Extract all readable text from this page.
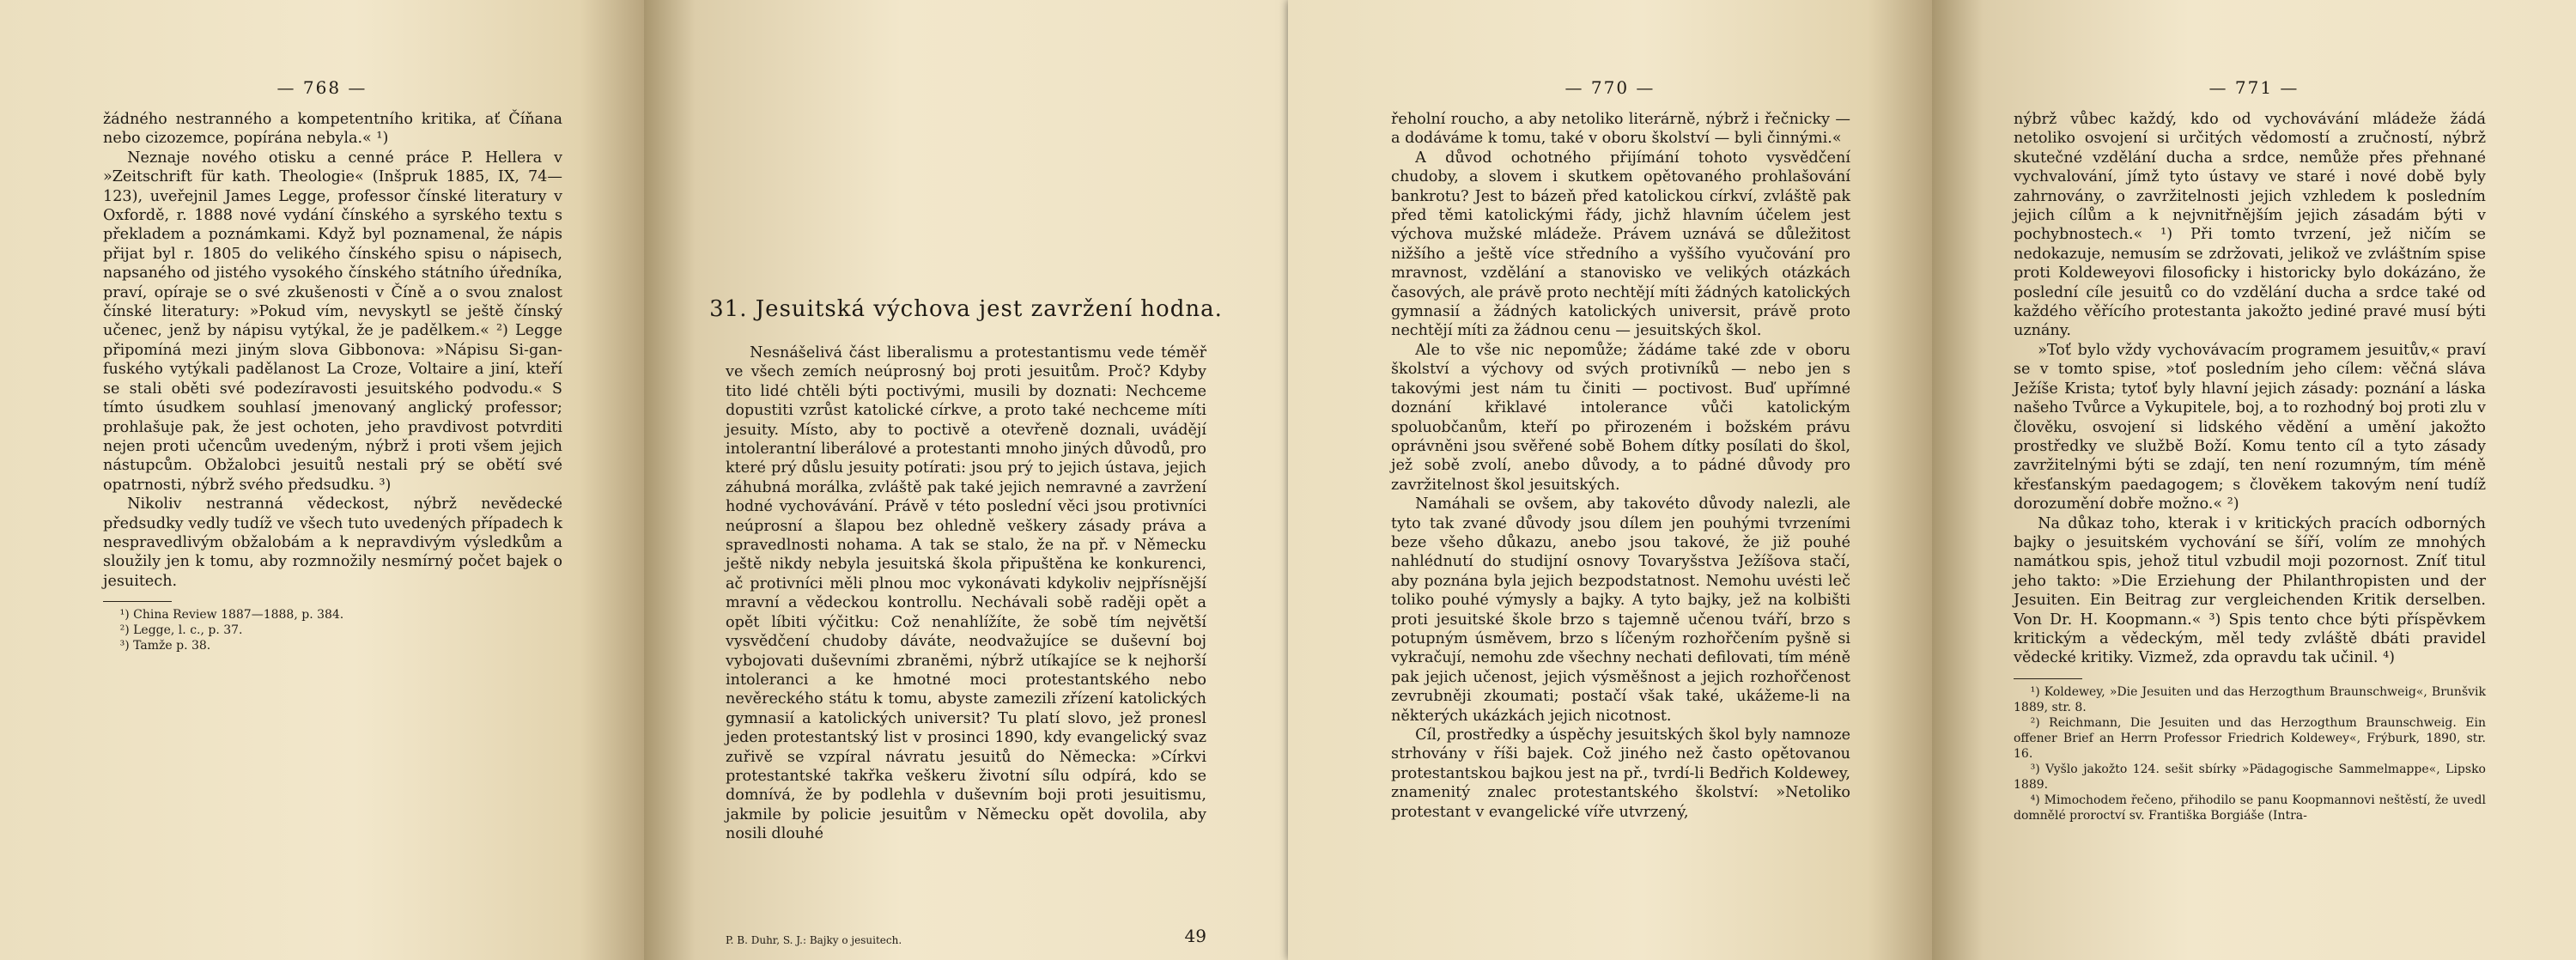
— 768 —

žádného nestranného a kompetentního kritika, ať Číňana nebo cizozemce, popírána nebyla.« ¹)

Neznaje nového otisku a cenné práce P. Hellera v »Zeitschrift für kath. Theologie« (Inšpruk 1885, IX, 74—123), uveřejnil James Legge, professor čínské literatury v Oxfordě, r. 1888 nové vydání čínského a syrského textu s překladem a poznámkami. Když byl poznamenal, že nápis přijat byl r. 1805 do velikého čínského spisu o nápisech, napsaného od jistého vysokého čínského státního úředníka, praví, opíraje se o své zkušenosti v Číně a o svou znalost čínské literatury: »Pokud vím, nevyskytl se ještě čínský učenec, jenž by nápisu vytýkal, že je padělkem.« ²) Legge připomíná mezi jiným slova Gibbonova: »Nápisu Si-gan-fuského vytýkali padělanost La Croze, Voltaire a jiní, kteří se stali oběti své podezíravosti jesuitského podvodu.« S tímto úsudkem souhlasí jmenovaný anglický professor; prohlašuje pak, že jest ochoten, jeho pravdivost potvrditi nejen proti učencům uvedeným, nýbrž i proti všem jejich nástupcům. Obžalobci jesuitů nestali prý se obětí své opatrnosti, nýbrž svého předsudku. ³)

Nikoliv nestranná vědeckost, nýbrž nevědecké předsudky vedly tudíž ve všech tuto uvedených případech k nespravedlivým obžalobám a k nepravdivým výsledkům a sloužily jen k tomu, aby rozmnožily nesmírný počet bajek o jesuitech.

¹) China Review 1887—1888, p. 384.

²) Legge, l. c., p. 37.

³) Tamže p. 38.

31. Jesuitská výchova jest zavržení hodna.

Nesnášelivá část liberalismu a protestantismu vede téměř ve všech zemích neúprosný boj proti jesuitům. Proč? Kdyby tito lidé chtěli býti poctivými, musili by doznati: Nechceme dopustiti vzrůst katolické církve, a proto také nechceme míti jesuity. Místo, aby to poctivě a otevřeně doznali, uvádějí intolerantní liberálové a protestanti mnoho jiných důvodů, pro které prý důslu jesuity potírati: jsou prý to jejich ústava, jejich záhubná morálka, zvláště pak také jejich nemravné a zavržení hodné vychovávání. Právě v této poslední věci jsou protivníci neúprosní a šlapou bez ohledně veškery zásady práva a spravedlnosti nohama. A tak se stalo, že na př. v Německu ještě nikdy nebyla jesuitská škola připuštěna ke konkurenci, ač protivníci měli plnou moc vykonávati kdykoliv nejpřísnější mravní a vědeckou kontrollu. Nechávali sobě raději opět a opět líbiti výčitku: Což nenahlížíte, že sobě tím největší vysvědčení chudoby dáváte, neodvažujíce se duševní boj vybojovati duševními zbraněmi, nýbrž utíkajíce se k nejhorší intoleranci a ke hmotné moci protestantského nebo nevěreckého státu k tomu, abyste zamezili zřízení katolických gymnasií a katolických universit? Tu platí slovo, jež pronesl jeden protestantský list v prosinci 1890, kdy evangelický svaz zuřivě se vzpíral návratu jesuitů do Německa: »Církvi protestantské takřka veškeru životní sílu odpírá, kdo se domnívá, že by podlehla v duševním boji proti jesuitismu, jakmile by policie jesuitům v Německu opět dovolila, aby nosili dlouhé

P. B. Duhr, S. J.: Bajky o jesuitech.	49
— 770 —

řeholní roucho, a aby netoliko literárně, nýbrž i řečnicky — a dodáváme k tomu, také v oboru školství — byli činnými.«

A důvod ochotného přijímání tohoto vysvědčení chudoby, a slovem i skutkem opětovaného prohlašování bankrotu? Jest to bázeň před katolickou církví, zvláště pak před těmi katolickými řády, jichž hlavním účelem jest výchova mužské mládeže. Právem uznává se důležitost nižšího a ještě více středního a vyššího vyučování pro mravnost, vzdělání a stanovisko ve velikých otázkách časových, ale právě proto nechtějí míti žádných katolických gymnasií a žádných katolických universit, právě proto nechtějí míti za žádnou cenu — jesuitských škol.

Ale to vše nic nepomůže; žádáme také zde v oboru školství a výchovy od svých protivníků — nebo jen s takovými jest nám tu činiti — poctivost. Buď upřímné doznání křiklavé intolerance vůči katolickým spoluobčanům, kteří po přirozeném i božském právu oprávněni jsou svěřené sobě Bohem dítky posílati do škol, jež sobě zvolí, anebo důvody, a to pádné důvody pro zavržitelnost škol jesuitských.

Namáhali se ovšem, aby takovéto důvody nalezli, ale tyto tak zvané důvody jsou dílem jen pouhými tvrzeními beze všeho důkazu, anebo jsou takové, že již pouhé nahlédnutí do studijní osnovy Tovaryšstva Ježíšova stačí, aby poznána byla jejich bezpodstatnost. Nemohu uvésti leč toliko pouhé výmysly a bajky. A tyto bajky, jež na kolbišti proti jesuitské škole brzo s tajemně učenou tváří, brzo s potupným úsměvem, brzo s líčeným rozhořčením pyšně si vykračují, nemohu zde všechny nechati defilovati, tím méně pak jejich učenost, jejich výsměšnost a jejich rozhořčenost zevrubněji zkoumati; postačí však také, ukážeme-li na některých ukázkách jejich nicotnost.

Cíl, prostředky a úspěchy jesuitských škol byly namnoze strhovány v říši bajek. Což jiného než často opětovanou protestantskou bajkou jest na př., tvrdí-li Bedřich Koldewey, znamenitý znalec protestantského školství: »Netoliko protestant v evangelické víře utvrzený,

— 771 —

nýbrž vůbec každý, kdo od vychovávání mládeže žádá netoliko osvojení si určitých vědomostí a zručností, nýbrž skutečné vzdělání ducha a srdce, nemůže přes přehnané vychvalování, jímž tyto ústavy ve staré i nové době byly zahrnovány, o zavržitelnosti jejich vzhledem k posledním jejich cílům a k nejvnitřnějším jejich zásadám býti v pochybnostech.« ¹) Při tomto tvrzení, jež ničím se nedokazuje, nemusím se zdržovati, jelikož ve zvláštním spise proti Koldeweyovi filosoficky i historicky bylo dokázáno, že poslední cíle jesuitů co do vzdělání ducha a srdce také od každého věřícího protestanta jakožto jediné pravé musí býti uznány.

»Toť bylo vždy vychovávacím programem jesuitův,« praví se v tomto spise, »toť posledním jeho cílem: věčná sláva Ježíše Krista; tytoť byly hlavní jejich zásady: poznání a láska našeho Tvůrce a Vykupitele, boj, a to rozhodný boj proti zlu v člověku, osvojení si lidského vědění a umění jakožto prostředky ve službě Boží. Komu tento cíl a tyto zásady zavržitelnými býti se zdají, ten není rozumným, tím méně křesťanským paedagogem; s člověkem takovým není tudíž dorozumění dobře možno.« ²)

Na důkaz toho, kterak i v kritických pracích odborných bajky o jesuitském vychování se šíří, volím ze mnohých namátkou spis, jehož titul vzbudil moji pozornost. Zníť titul jeho takto: »Die Erziehung der Philanthropisten und der Jesuiten. Ein Beitrag zur vergleichenden Kritik derselben. Von Dr. H. Koopmann.« ³) Spis tento chce býti příspěvkem kritickým a vědeckým, měl tedy zvláště dbáti pravidel vědecké kritiky. Vizmež, zda opravdu tak učinil. ⁴)

¹) Koldewey, »Die Jesuiten und das Herzogthum Braunschweig«, Brunšvik 1889, str. 8.

²) Reichmann, Die Jesuiten und das Herzogthum Braunschweig. Ein offener Brief an Herrn Professor Friedrich Koldewey«, Frýburk, 1890, str. 16.

³) Vyšlo jakožto 124. sešit sbírky »Pädagogische Sammelmappe«, Lipsko 1889.

⁴) Mimochodem řečeno, přihodilo se panu Koopmannovi neštěstí, že uvedl domnělé proroctví sv. Františka Borgiáše (Intra-
